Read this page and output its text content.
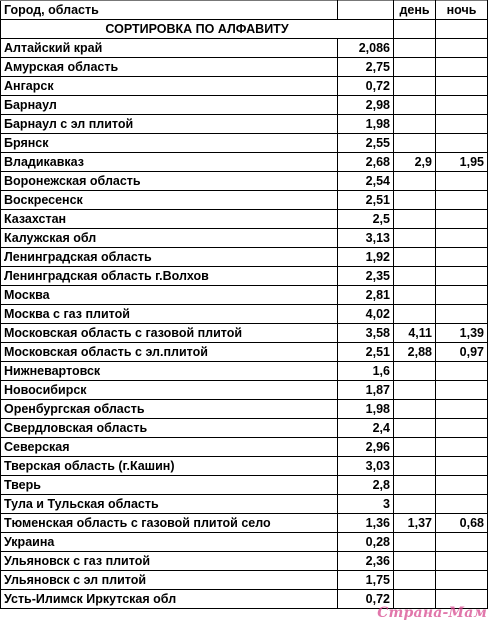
Город, область		день	ночь
СОРТИРОВКА ПО АЛФАВИТУ			
Алтайский край	2,086		
Амурская область	2,75		
Ангарск	0,72		
Барнаул	2,98		
Барнаул с эл плитой	1,98		
Брянск	2,55		
Владикавказ	2,68	2,9	1,95
Воронежская область	2,54		
Воскресенск	2,51		
Казахстан	2,5		
Калужская обл	3,13		
Ленинградская область	1,92		
Ленинградская область г.Волхов	2,35		
Москва	2,81		
Москва с газ плитой	4,02		
Московская область с газовой плитой	3,58	4,11	1,39
Московская область с эл.плитой	2,51	2,88	0,97
Нижневартовск	1,6		
Новосибирск	1,87		
Оренбургская область	1,98		
Свердловская область	2,4		
Северская	2,96		
Тверская область (г.Кашин)	3,03		
Тверь	2,8		
Тула и Тульская область	3		
Тюменская область с газовой плитой село	1,36	1,37	0,68
Украина	0,28		
Ульяновск с газ плитой	2,36		
Ульяновск с эл плитой	1,75		
Усть-Илимск Иркутская обл	0,72		
Страна-Мам
